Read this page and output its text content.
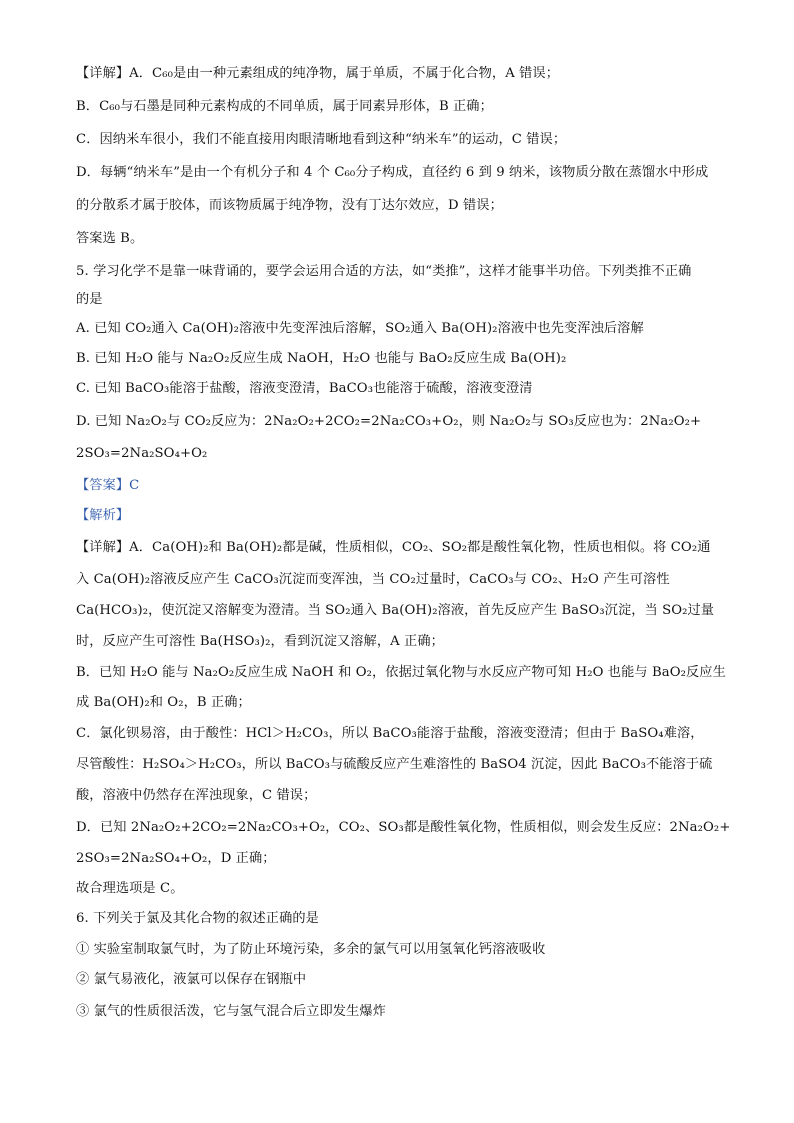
【详解】A．C₆₀是由一种元素组成的纯净物，属于单质，不属于化合物，A 错误；
B．C₆₀与石墨是同种元素构成的不同单质，属于同素异形体，B 正确；
C．因纳米车很小，我们不能直接用肉眼清晰地看到这种“纳米车”的运动，C 错误；
D．每辆“纳米车”是由一个有机分子和 4 个 C₆₀分子构成，直径约 6 到 9 纳米，该物质分散在蒸馏水中形成
的分散系才属于胶体，而该物质属于纯净物，没有丁达尔效应，D 错误；
答案选 B。
5. 学习化学不是靠一味背诵的，要学会运用合适的方法，如“类推”，这样才能事半功倍。下列类推不正确
的是
A. 已知 CO₂通入 Ca(OH)₂溶液中先变浑浊后溶解，SO₂通入 Ba(OH)₂溶液中也先变浑浊后溶解
B. 已知 H₂O 能与 Na₂O₂反应生成 NaOH，H₂O 也能与 BaO₂反应生成 Ba(OH)₂
C. 已知 BaCO₃能溶于盐酸，溶液变澄清，BaCO₃也能溶于硫酸，溶液变澄清
D. 已知 Na₂O₂与 CO₂反应为：2Na₂O₂+2CO₂=2Na₂CO₃+O₂，则 Na₂O₂与 SO₃反应也为：2Na₂O₂+
2SO₃=2Na₂SO₄+O₂
【答案】C
【解析】
【详解】A．Ca(OH)₂和 Ba(OH)₂都是碱，性质相似，CO₂、SO₂都是酸性氧化物，性质也相似。将 CO₂通
入 Ca(OH)₂溶液反应产生 CaCO₃沉淀而变浑浊，当 CO₂过量时，CaCO₃与 CO₂、H₂O 产生可溶性
Ca(HCO₃)₂，使沉淀又溶解变为澄清。当 SO₂通入 Ba(OH)₂溶液，首先反应产生 BaSO₃沉淀，当 SO₂过量
时，反应产生可溶性 Ba(HSO₃)₂，看到沉淀又溶解，A 正确；
B．已知 H₂O 能与 Na₂O₂反应生成 NaOH 和 O₂，依据过氧化物与水反应产物可知 H₂O 也能与 BaO₂反应生
成 Ba(OH)₂和 O₂，B 正确；
C．氯化钡易溶，由于酸性：HCl＞H₂CO₃，所以 BaCO₃能溶于盐酸，溶液变澄清；但由于 BaSO₄难溶，
尽管酸性：H₂SO₄＞H₂CO₃，所以 BaCO₃与硫酸反应产生难溶性的 BaSO4 沉淀，因此 BaCO₃不能溶于硫
酸，溶液中仍然存在浑浊现象，C 错误；
D．已知 2Na₂O₂+2CO₂=2Na₂CO₃+O₂，CO₂、SO₃都是酸性氧化物，性质相似，则会发生反应：2Na₂O₂+
2SO₃=2Na₂SO₄+O₂，D 正确；
故合理选项是 C。
6. 下列关于氯及其化合物的叙述正确的是
① 实验室制取氯气时，为了防止环境污染，多余的氯气可以用氢氧化钙溶液吸收
② 氯气易液化，液氯可以保存在钢瓶中
③ 氯气的性质很活泼，它与氢气混合后立即发生爆炸
